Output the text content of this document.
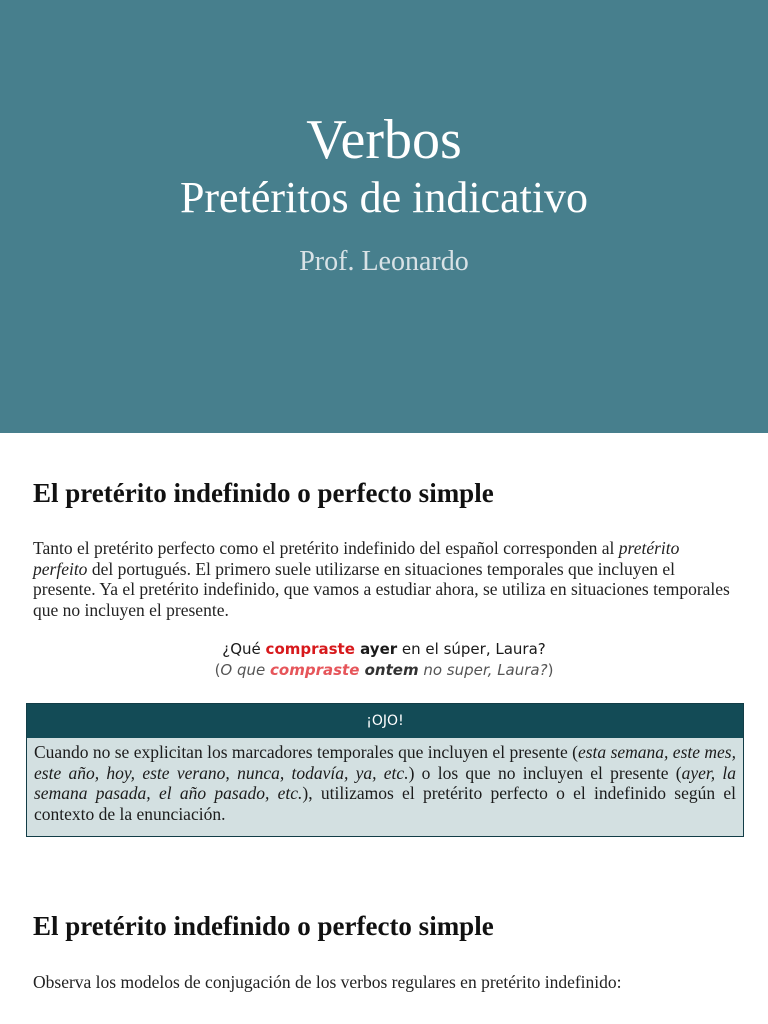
Verbos
Pretéritos de indicativo
Prof. Leonardo
El pretérito indefinido o perfecto simple
Tanto el pretérito perfecto como el pretérito indefinido del español corresponden al pretérito perfeito del portugués. El primero suele utilizarse en situaciones temporales que incluyen el presente. Ya el pretérito indefinido, que vamos a estudiar ahora, se utiliza en situaciones temporales que no incluyen el presente.
¿Qué compraste ayer en el súper, Laura?
(O que compraste ontem no super, Laura?)
¡OJO!
Cuando no se explicitan los marcadores temporales que incluyen el presente (esta semana, este mes, este año, hoy, este verano, nunca, todavía, ya, etc.) o los que no incluyen el presente (ayer, la semana pasada, el año pasado, etc.), utilizamos el pretérito perfecto o el indefinido según el contexto de la enunciación.
El pretérito indefinido o perfecto simple
Observa los modelos de conjugación de los verbos regulares en pretérito indefinido:
